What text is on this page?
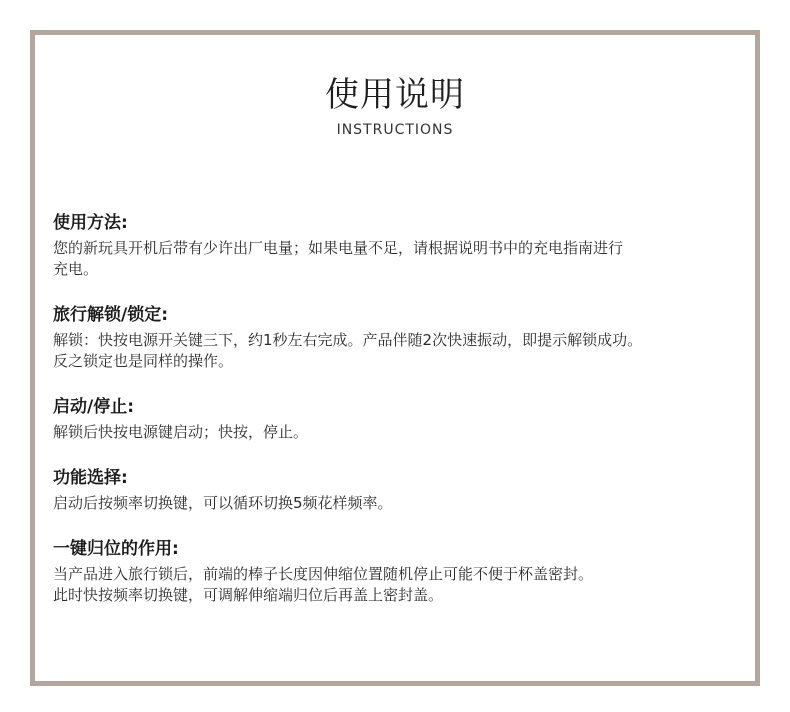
使用说明
INSTRUCTIONS
使用方法:
您的新玩具开机后带有少许出厂电量；如果电量不足，请根据说明书中的充电指南进行
充电。
旅行解锁/锁定:
解锁：快按电源开关键三下，约1秒左右完成。产品伴随2次快速振动，即提示解锁成功。
反之锁定也是同样的操作。
启动/停止:
解锁后快按电源键启动；快按，停止。
功能选择:
启动后按频率切换键，可以循环切换5频花样频率。
一键归位的作用:
当产品进入旅行锁后，前端的棒子长度因伸缩位置随机停止可能不便于杯盖密封。
此时快按频率切换键，可调解伸缩端归位后再盖上密封盖。
